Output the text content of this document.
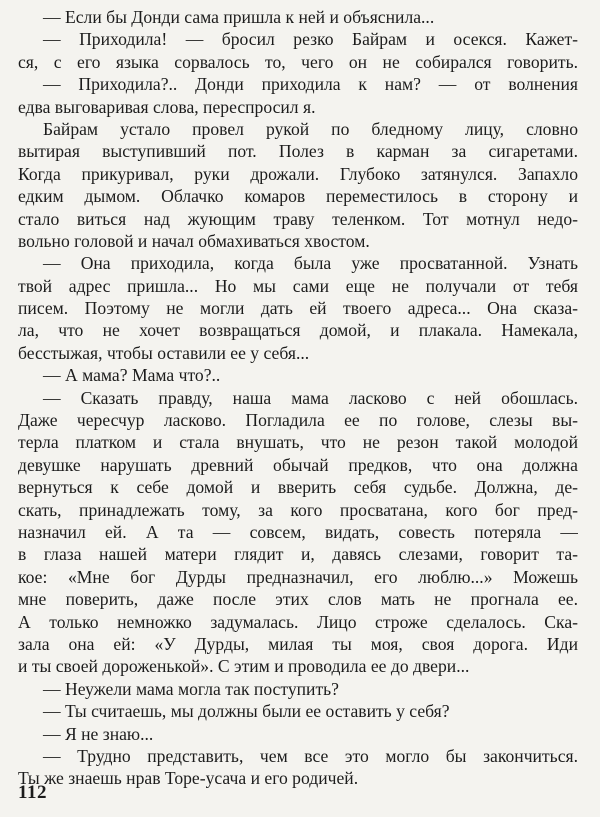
— Если бы Донди сама пришла к ней и объяснила...
— Приходила! — бросил резко Байрам и осекся. Кажет-
ся, с его языка сорвалось то, чего он не собирался говорить.
— Приходила?.. Донди приходила к нам? — от волнения
едва выговаривая слова, переспросил я.
Байрам устало провел рукой по бледному лицу, словно
вытирая выступивший пот. Полез в карман за сигаретами.
Когда прикуривал, руки дрожали. Глубоко затянулся. Запахло
едким дымом. Облачко комаров переместилось в сторону и
стало виться над жующим траву теленком. Тот мотнул недо-
вольно головой и начал обмахиваться хвостом.
— Она приходила, когда была уже просватанной. Узнать
твой адрес пришла... Но мы сами еще не получали от тебя
писем. Поэтому не могли дать ей твоего адреса... Она сказа-
ла, что не хочет возвращаться домой, и плакала. Намекала,
бесстыжая, чтобы оставили ее у себя...
— А мама? Мама что?..
— Сказать правду, наша мама ласково с ней обошлась.
Даже чересчур ласково. Погладила ее по голове, слезы вы-
терла платком и стала внушать, что не резон такой молодой
девушке нарушать древний обычай предков, что она должна
вернуться к себе домой и вверить себя судьбе. Должна, де-
скать, принадлежать тому, за кого просватана, кого бог пред-
назначил ей. А та — совсем, видать, совесть потеряла —
в глаза нашей матери глядит и, давясь слезами, говорит та-
кое: «Мне бог Дурды предназначил, его люблю...» Можешь
мне поверить, даже после этих слов мать не прогнала ее.
А только немножко задумалась. Лицо строже сделалось. Ска-
зала она ей: «У Дурды, милая ты моя, своя дорога. Иди
и ты своей дороженькой». С этим и проводила ее до двери...
— Неужели мама могла так поступить?
— Ты считаешь, мы должны были ее оставить у себя?
— Я не знаю...
— Трудно представить, чем все это могло бы закончиться.
Ты же знаешь нрав Торе-усача и его родичей.
112
